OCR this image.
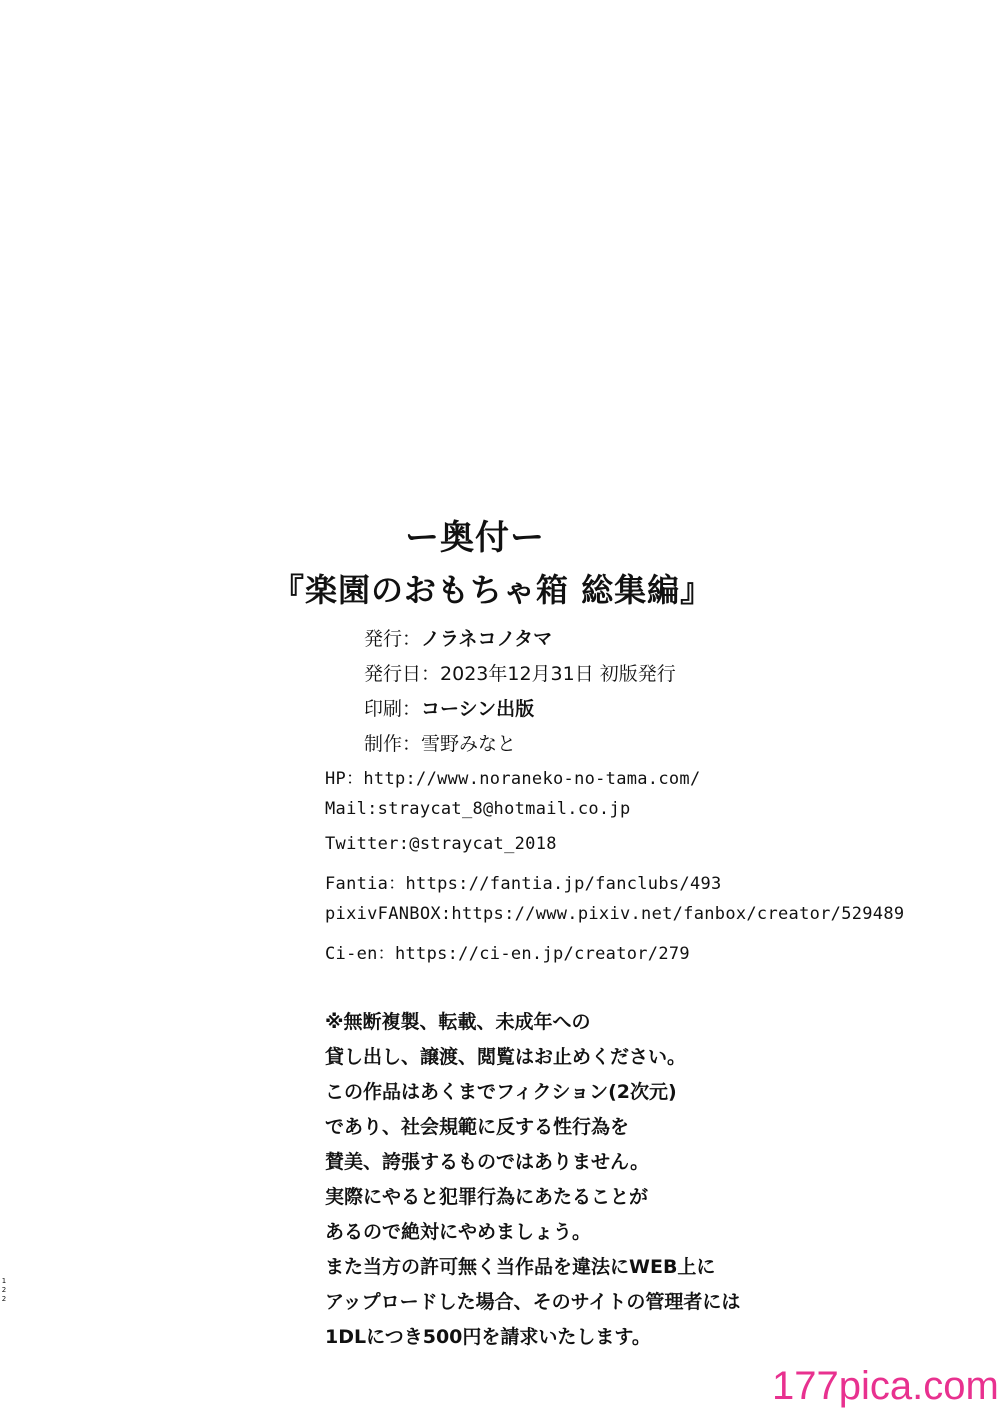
ー奥付ー
『楽園のおもちゃ箱 総集編』
発行：ノラネコノタマ
発行日：2023年12月31日 初版発行
印刷：コーシン出版
制作：雪野みなと
HP：http://www.noraneko-no-tama.com/
Mail:straycat_8@hotmail.co.jp
Twitter:@straycat_2018
Fantia：https://fantia.jp/fanclubs/493
pixivFANBOX:https://www.pixiv.net/fanbox/creator/529489
Ci-en：https://ci-en.jp/creator/279
※無断複製、転載、未成年への
貸し出し、譲渡、閲覧はお止めください。
この作品はあくまでフィクション(2次元)
であり、社会規範に反する性行為を
賛美、誇張するものではありません。
実際にやると犯罪行為にあたることが
あるので絶対にやめましょう。
また当方の許可無く当作品を違法にWEB上に
アップロードした場合、そのサイトの管理者には
1DLにつき500円を請求いたします。
1
2
2
177pica.com
